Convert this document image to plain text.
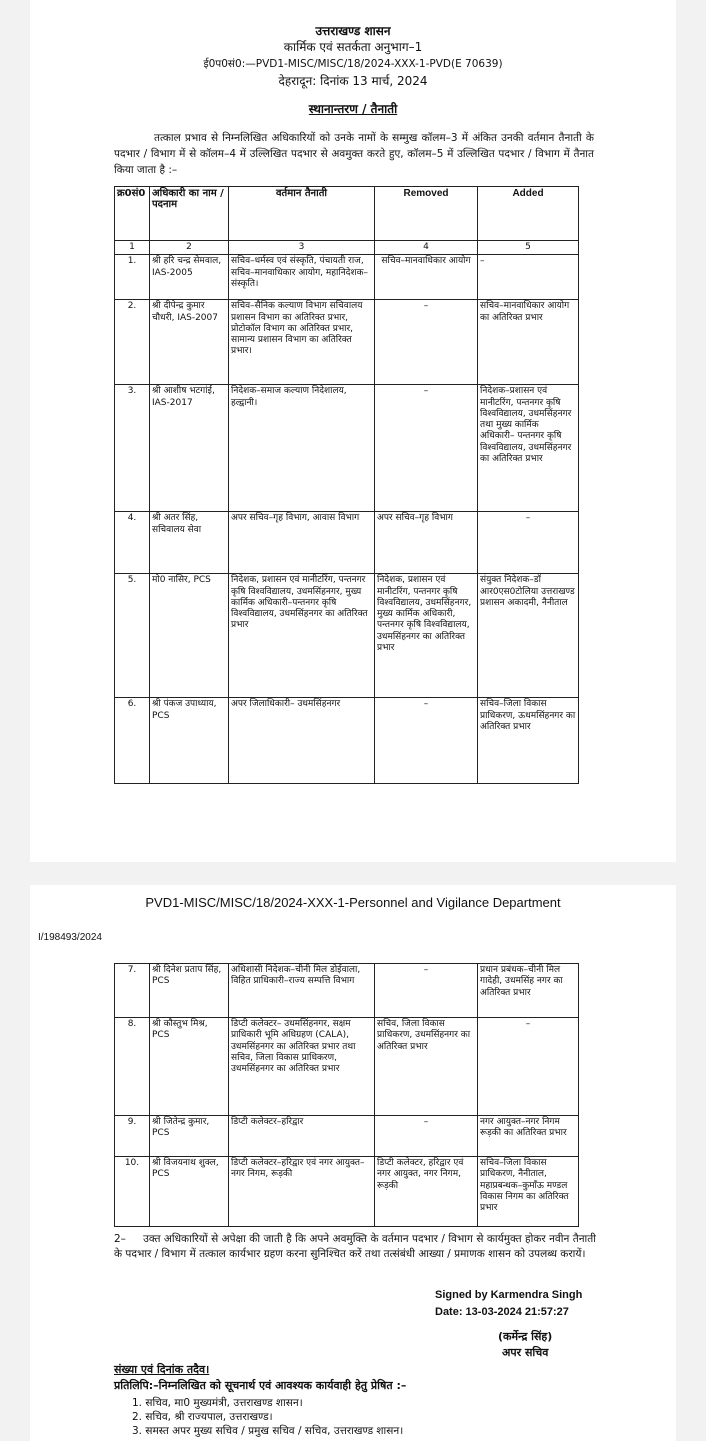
उत्तराखण्ड शासन
कार्मिक एवं सतर्कता अनुभाग–1
ई0प0सं0:—PVD1-MISC/MISC/18/2024-XXX-1-PVD(E 70639)
देहरादून: दिनांक 13 मार्च, 2024
स्थानान्तरण / तैनाती
तत्काल प्रभाव से निम्नलिखित अधिकारियों को उनके नामों के सम्मुख कॉलम–3 में अंकित उनकी वर्तमान तैनाती के पदभार / विभाग में से कॉलम–4 में उल्लिखित पदभार से अवमुक्त करते हुए, कॉलम–5 में उल्लिखित पदभार / विभाग में तैनात किया जाता है :–
क्र0सं0	अधिकारी का नाम / पदनाम	वर्तमान तैनाती	Removed	Added
1	2	3	4	5
1.	श्री हरि चन्द्र सेमवाल, IAS-2005	सचिव–धर्मस्व एवं संस्कृति, पंचायती राज, सचिव–मानवाधिकार आयोग, महानिदेशक–संस्कृति।	सचिव–मानवाधिकार आयोग	–
2.	श्री दीपेन्द्र कुमार चौधरी, IAS-2007	सचिव–सैनिक कल्याण विभाग सचिवालय प्रशासन विभाग का अतिरिक्त प्रभार, प्रोटोकॉल विभाग का अतिरिक्त प्रभार, सामान्य प्रशासन विभाग का अतिरिक्त प्रभार।	–	सचिव–मानवाधिकार आयोग का अतिरिक्त प्रभार
3.	श्री आशीष भटगांई, IAS-2017	निदेशक–समाज कल्याण निदेशालय, हल्द्वानी।	–	निदेशक–प्रशासन एवं मानीटरिंग, पन्तनगर कृषि विश्वविद्यालय, उधमसिंहनगर तथा मुख्य कार्मिक अधिकारी– पन्तनगर कृषि विश्वविद्यालय, उधमसिंहनगर का अतिरिक्त प्रभार
4.	श्री अतर सिंह, सचिवालय सेवा	अपर सचिव–गृह विभाग, आवास विभाग	अपर सचिव–गृह विभाग	–
5.	मो0 नासिर, PCS	निदेशक, प्रशासन एवं मानीटरिंग, पन्तनगर कृषि विश्वविद्यालय, उधमसिंहनगर, मुख्य कार्मिक अधिकारी–पन्तनगर कृषि विश्वविद्यालय, उधमसिंहनगर का अतिरिक्त प्रभार	निदेशक, प्रशासन एवं मानीटरिंग, पन्तनगर कृषि विश्वविद्यालय, उधमसिंहनगर, मुख्य कार्मिक अधिकारी, पन्तनगर कृषि विश्वविद्यालय, उधमसिंहनगर का अतिरिक्त प्रभार	संयुक्त निदेशक–डॉ आर0एस0टोलिया उत्तराखण्ड प्रशासन अकादमी, नैनीताल
6.	श्री पंकज उपाध्याय, PCS	अपर जिलाधिकारी– उधमसिंहनगर	–	सचिव–जिला विकास प्राधिकरण, ऊधमसिंहनगर का अतिरिक्त प्रभार
PVD1-MISC/MISC/18/2024-XXX-1-Personnel and Vigilance Department
I/198493/2024
7.	श्री दिनेश प्रताप सिंह, PCS	अधिशासी निदेशक–चीनी मिल डोईवाला, विहित प्राधिकारी–राज्य सम्पत्ति विभाग	–	प्रधान प्रबंधक–चीनी मिल गादेही, उधमसिंह नगर का अतिरिक्त प्रभार
8.	श्री कौस्तुभ मिश्र, PCS	डिप्टी कलेक्टर– उधमसिंहनगर, सक्षम प्राधिकारी भूमि अधिग्रहण (CALA), उधमसिंहनगर का अतिरिक्त प्रभार तथा सचिव, जिला विकास प्राधिकरण, उधमसिंहनगर का अतिरिक्त प्रभार	सचिव, जिला विकास प्राधिकरण, उधमसिंहनगर का अतिरिक्त प्रभार	–
9.	श्री जितेन्द्र कुमार, PCS	डिप्टी कलेक्टर–हरिद्वार	–	नगर आयुक्त–नगर निगम रूड़की का अतिरिक्त प्रभार
10.	श्री विजयनाथ शुक्ल, PCS	डिप्टी कलेक्टर–हरिद्वार एवं नगर आयुक्त–नगर निगम, रूड़की	डिप्टी कलेक्टर, हरिद्वार एवं नगर आयुक्त, नगर निगम, रूड़की	सचिव–जिला विकास प्राधिकरण, नैनीताल, महाप्रबन्धक–कुमाँऊ मण्डल विकास निगम का अतिरिक्त प्रभार
2– उक्त अधिकारियों से अपेक्षा की जाती है कि अपने अवमुक्ति के वर्तमान पदभार / विभाग से कार्यमुक्त होकर नवीन तैनाती के पदभार / विभाग में तत्काल कार्यभार ग्रहण करना सुनिश्चित करें तथा तत्संबंधी आख्या / प्रमाणक शासन को उपलब्ध करायें।
Signed by Karmendra Singh
Date: 13-03-2024 21:57:27
(कर्मेन्द्र सिंह)
अपर सचिव
संख्या एवं दिनांक तदैव।
प्रतिलिपि:–निम्नलिखित को सूचनार्थ एवं आवश्यक कार्यवाही हेतु प्रेषित :–
1. सचिव, मा0 मुख्यमंत्री, उत्तराखण्ड शासन।
2. सचिव, श्री राज्यपाल, उत्तराखण्ड।
3. समस्त अपर मुख्य सचिव / प्रमुख सचिव / सचिव, उत्तराखण्ड शासन।
